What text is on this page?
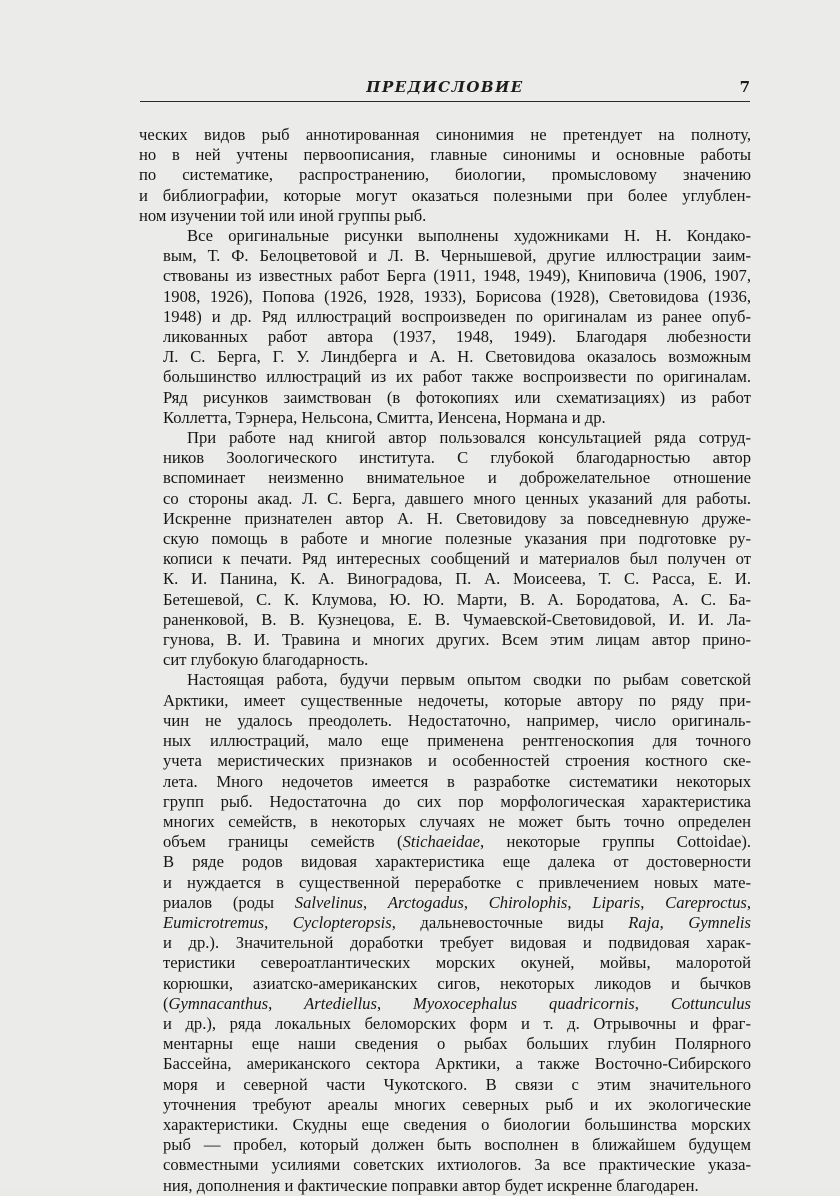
ПРЕДИСЛОВИЕ	7

ческих видов рыб аннотированная синонимия не претендует на полноту,
но в ней учтены первоописания, главные синонимы и основные работы
по систематике, распространению, биологии, промысловому значению
и библиографии, которые могут оказаться полезными при более углублен-
ном изучении той или иной группы рыб.

Все оригинальные рисунки выполнены художниками Н. Н. Кондако-
вым, Т. Ф. Белоцветовой и Л. В. Чернышевой, другие иллюстрации заим-
ствованы из известных работ Берга (1911, 1948, 1949), Книповича (1906, 1907,
1908, 1926), Попова (1926, 1928, 1933), Борисова (1928), Световидова (1936,
1948) и др. Ряд иллюстраций воспроизведен по оригиналам из ранее опуб-
ликованных работ автора (1937, 1948, 1949). Благодаря любезности
Л. С. Берга, Г. У. Линдберга и А. Н. Световидова оказалось возможным
большинство иллюстраций из их работ также воспроизвести по оригиналам.
Ряд рисунков заимствован (в фотокопиях или схематизациях) из работ
Коллетта, Тэрнера, Нельсона, Смитта, Иенсена, Нормана и др.

При работе над книгой автор пользовался консультацией ряда сотруд-
ников Зоологического института. С глубокой благодарностью автор
вспоминает неизменно внимательное и доброжелательное отношение
со стороны акад. Л. С. Берга, давшего много ценных указаний для работы.
Искренне признателен автор А. Н. Световидову за повседневную друже-
скую помощь в работе и многие полезные указания при подготовке ру-
кописи к печати. Ряд интересных сообщений и материалов был получен от
К. И. Панина, К. А. Виноградова, П. А. Моисеева, Т. С. Расса, Е. И.
Бетешевой, С. К. Клумова, Ю. Ю. Марти, В. А. Бородатова, А. С. Ба-
раненковой, В. В. Кузнецова, Е. В. Чумаевской-Световидовой, И. И. Ла-
гунова, В. И. Травина и многих других. Всем этим лицам автор прино-
сит глубокую благодарность.

Настоящая работа, будучи первым опытом сводки по рыбам советской
Арктики, имеет существенные недочеты, которые автору по ряду при-
чин не удалось преодолеть. Недостаточно, например, число оригиналь-
ных иллюстраций, мало еще применена рентгеноскопия для точного
учета меристических признаков и особенностей строения костного ске-
лета. Много недочетов имеется в разработке систематики некоторых
групп рыб. Недостаточна до сих пор морфологическая характеристика
многих семейств, в некоторых случаях не может быть точно определен
объем границы семейств (Stichaeidae, некоторые группы Cottoidae).
В ряде родов видовая характеристика еще далека от достоверности
и нуждается в существенной переработке с привлечением новых мате-
риалов (роды Salvelinus, Arctogadus, Chirolophis, Liparis, Careproctus,
Eumicrotremus, Cyclopteropsis, дальневосточные виды Raja, Gymnelis
и др.). Значительной доработки требует видовая и подвидовая харак-
теристики североатлантических морских окуней, мойвы, малоротой
корюшки, азиатско-американских сигов, некоторых ликодов и бычков
(Gymnacanthus, Artediellus, Myoxocephalus quadricornis, Cottunculus
и др.), ряда локальных беломорских форм и т. д. Отрывочны и фраг-
ментарны еще наши сведения о рыбах больших глубин Полярного
Бассейна, американского сектора Арктики, а также Восточно-Сибирского
моря и северной части Чукотского. В связи с этим значительного
уточнения требуют ареалы многих северных рыб и их экологические
характеристики. Скудны еще сведения о биологии большинства морских
рыб — пробел, который должен быть восполнен в ближайшем будущем
совместными усилиями советских ихтиологов. За все практические указа-
ния, дополнения и фактические поправки автор будет искренне благодарен.
